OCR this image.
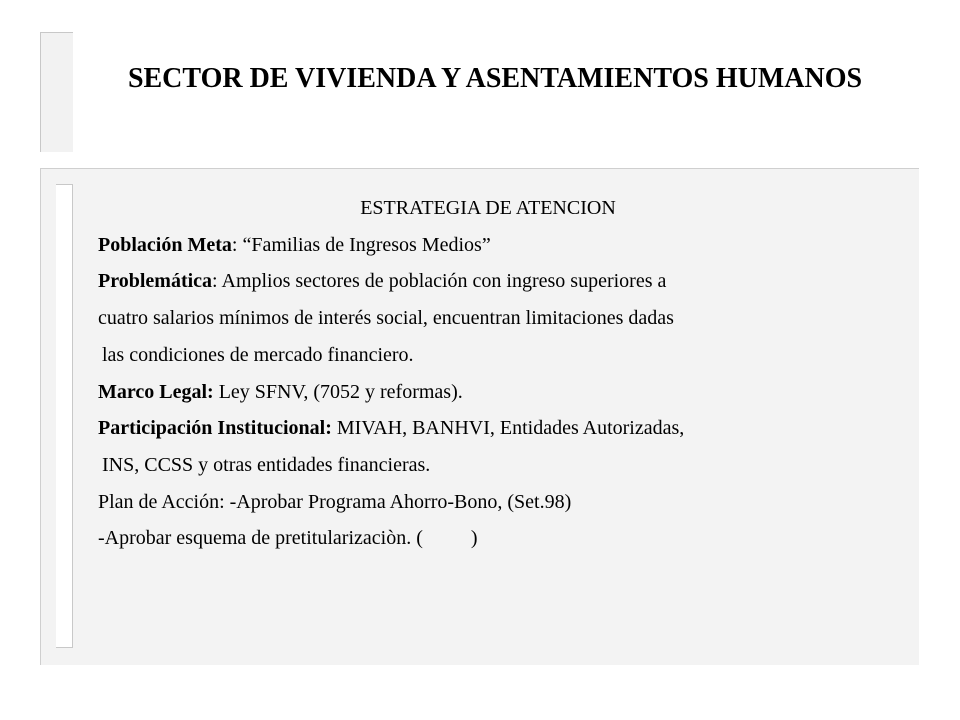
SECTOR DE VIVIENDA Y ASENTAMIENTOS HUMANOS
ESTRATEGIA DE ATENCION
Población Meta: “Familias de Ingresos Medios”
Problemática: Amplios sectores de población con ingreso superiores a
cuatro salarios mínimos de interés social, encuentran limitaciones dadas
las condiciones de mercado financiero.
Marco Legal: Ley SFNV, (7052 y reformas).
Participación Institucional: MIVAH, BANHVI, Entidades Autorizadas,
INS, CCSS y otras entidades financieras.
Plan de Acción: -Aprobar Programa Ahorro-Bono, (Set.98)
-Aprobar esquema de pretitularizaciòn. ( )
